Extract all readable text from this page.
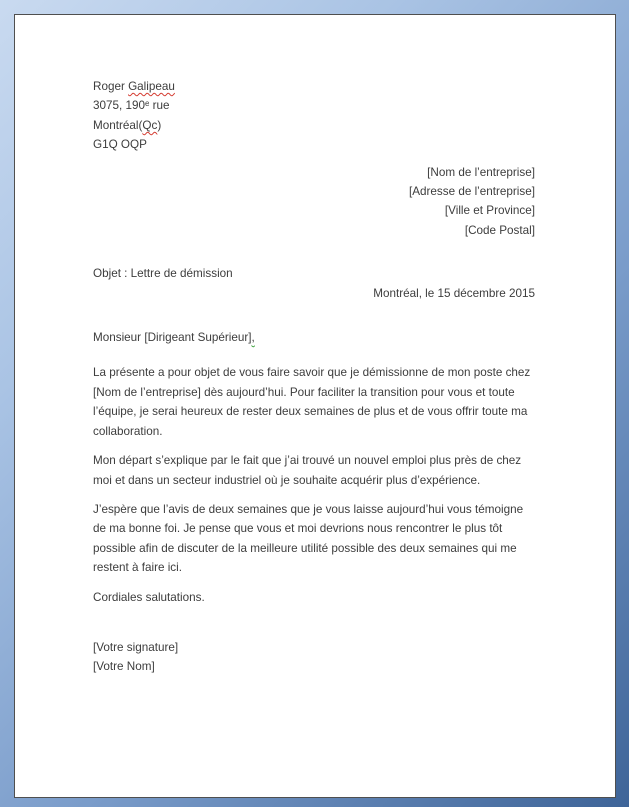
Roger Galipeau
3075, 190ᵉ rue
Montréal(Qc)
G1Q OQP
[Nom de l’entreprise]
[Adresse de l’entreprise]
[Ville et Province]
[Code Postal]
Objet : Lettre de démission
Montréal, le 15 décembre 2015
Monsieur [Dirigeant Supérieur],

La présente a pour objet de vous faire savoir que je démissionne de mon poste chez [Nom de l’entreprise] dès aujourd’hui. Pour faciliter la transition pour vous et toute l’équipe, je serai heureux de rester deux semaines de plus et de vous offrir toute ma collaboration.

Mon départ s’explique par le fait que j’ai trouvé un nouvel emploi plus près de chez moi et dans un secteur industriel où je souhaite acquérir plus d’expérience.

J’espère que l’avis de deux semaines que je vous laisse aujourd’hui vous témoigne de ma bonne foi. Je pense que vous et moi devrions nous rencontrer le plus tôt possible afin de discuter de la meilleure utilité possible des deux semaines qui me restent à faire ici.

Cordiales salutations.
[Votre signature]
[Votre Nom]
